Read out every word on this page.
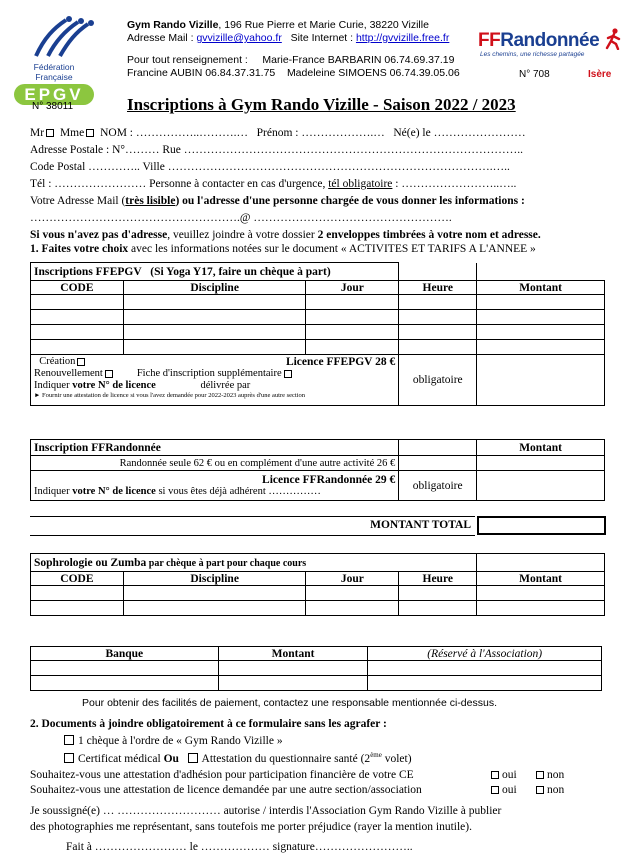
Fédération Française
EPGV
N° 38011
Gym Rando Vizille, 196 Rue Pierre et Marie Curie, 38220 Vizille
Adresse Mail : gvvizille@yahoo.fr Site Internet : http://gvvizille.free.fr
Pour tout renseignement : Marie-France BARBARIN 06.74.69.37.19
Francine AUBIN 06.84.37.31.75 Madeleine SIMOENS 06.74.39.05.06
FFRandonnée
Les chemins, une richesse partagée
N° 708	Isère
Inscriptions à Gym Rando Vizille - Saison 2022 / 2023
Mr Mme NOM : ……………..……….… Prénom : ……………….… Né(e) le ……………………
Adresse Postale : N°……… Rue ……………………………………………………………………………..
Code Postal ………….. Ville ………………………………………………………………………….…..
Tél : …………………… Personne à contacter en cas d'urgence, tél obligatoire : ……………………..…..
Votre Adresse Mail (très lisible) ou l'adresse d'une personne chargée de vous donner les informations :
……………………………………………….@ …………………………………………….
Si vous n'avez pas d'adresse, veuillez joindre à votre dossier 2 enveloppes timbrées à votre nom et adresse.
1. Faites votre choix avec les informations notées sur le document « ACTIVITES ET TARIFS A L'ANNEE »
Inscriptions FFEPGV (Si Yoga Y17, faire un chèque à part)				
CODE	Discipline	Jour	Heure	Montant

Création Licence FFEPGV 28 €
Renouvellement Fiche d'inscription supplémentaire
Indiquer votre N° de licence délivrée par
► Fournir une attestation de licence si vous l'avez demandée pour 2022-2023 auprès d'une autre section			obligatoire	
Inscription FFRandonnée		Montant
Randonnée seule 62 € ou en complément d'une autre activité 26 €		

Licence FFRandonnée 29 €
Indiquer votre N° de licence si vous êtes déjà adhérent ……………	obligatoire	
MONTANT TOTAL
Sophrologie ou Zumba par chèque à part pour chaque cours				
CODE	Discipline	Jour	Heure	Montant

Banque	Montant	(Réservé à l'Association)

Pour obtenir des facilités de paiement, contactez une responsable mentionnée ci-dessus.
2. Documents à joindre obligatoirement à ce formulaire sans les agrafer :
1 chèque à l'ordre de « Gym Rando Vizille »
Certificat médical Ou Attestation du questionnaire santé (2ème volet)
Souhaitez-vous une attestation d'adhésion pour participation financière de votre CE	oui	non
Souhaitez-vous une attestation de licence demandée par une autre section/association	oui	non
Je soussigné(e) … ……………………… autorise / interdis l'Association Gym Rando Vizille à publier
des photographies me représentant, sans toutefois me porter préjudice (rayer la mention inutile).
Fait à …………………… le ……………… signature……………………..
